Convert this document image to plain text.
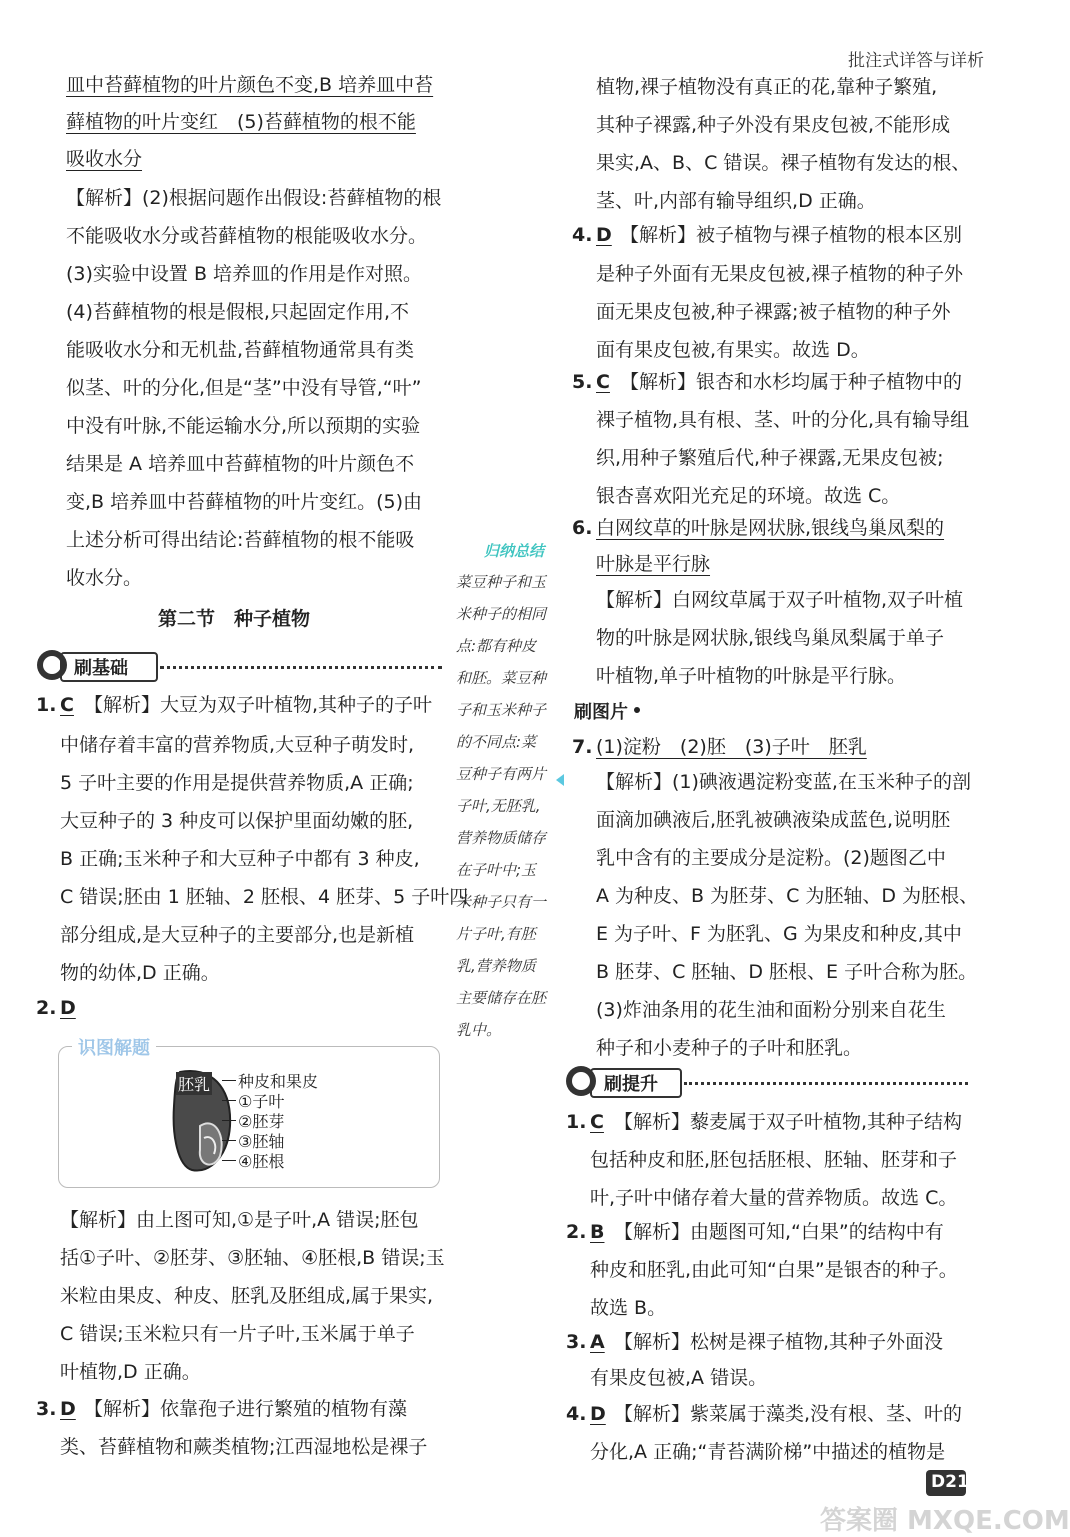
批注式详答与详析
皿中苔藓植物的叶片颜色不变,B 培养皿中苔
藓植物的叶片变红　(5)苔藓植物的根不能
吸收水分
【解析】(2)根据问题作出假设:苔藓植物的根
不能吸收水分或苔藓植物的根能吸收水分。
(3)实验中设置 B 培养皿的作用是作对照。
(4)苔藓植物的根是假根,只起固定作用,不
能吸收水分和无机盐,苔藓植物通常具有类
似茎、叶的分化,但是“茎”中没有导管,“叶”
中没有叶脉,不能运输水分,所以预期的实验
结果是 A 培养皿中苔藓植物的叶片颜色不
变,B 培养皿中苔藓植物的叶片变红。(5)由
上述分析可得出结论:苔藓植物的根不能吸
收水分。
第二节　种子植物
刷基础
1. C 【解析】大豆为双子叶植物,其种子的子叶
中储存着丰富的营养物质,大豆种子萌发时,
5 子叶主要的作用是提供营养物质,A 正确;
大豆种子的 3 种皮可以保护里面幼嫩的胚,
B 正确;玉米种子和大豆种子中都有 3 种皮,
C 错误;胚由 1 胚轴、2 胚根、4 胚芽、5 子叶四
部分组成,是大豆种子的主要部分,也是新植
物的幼体,D 正确。
2. D
识图解题
胚乳 种皮和果皮
①子叶
②胚芽
③胚轴
④胚根
【解析】由上图可知,①是子叶,A 错误;胚包
括①子叶、②胚芽、③胚轴、④胚根,B 错误;玉
米粒由果皮、种皮、胚乳及胚组成,属于果实,
C 错误;玉米粒只有一片子叶,玉米属于单子
叶植物,D 正确。
3. D 【解析】依靠孢子进行繁殖的植物有藻
类、苔藓植物和蕨类植物;江西湿地松是裸子
归纳总结
菜豆种子和玉
米种子的相同
点:都有种皮
和胚。菜豆种
子和玉米种子
的不同点:菜
豆种子有两片
子叶,无胚乳,
营养物质储存
在子叶中;玉
米种子只有一
片子叶,有胚
乳,营养物质
主要储存在胚
乳中。
植物,裸子植物没有真正的花,靠种子繁殖,
其种子裸露,种子外没有果皮包被,不能形成
果实,A、B、C 错误。裸子植物有发达的根、
茎、叶,内部有输导组织,D 正确。
4. D 【解析】被子植物与裸子植物的根本区别
是种子外面有无果皮包被,裸子植物的种子外
面无果皮包被,种子裸露;被子植物的种子外
面有果皮包被,有果实。故选 D。
5. C 【解析】银杏和水杉均属于种子植物中的
裸子植物,具有根、茎、叶的分化,具有输导组
织,用种子繁殖后代,种子裸露,无果皮包被;
银杏喜欢阳光充足的环境。故选 C。
6. 白网纹草的叶脉是网状脉,银线鸟巢凤梨的
叶脉是平行脉
【解析】白网纹草属于双子叶植物,双子叶植
物的叶脉是网状脉,银线鸟巢凤梨属于单子
叶植物,单子叶植物的叶脉是平行脉。
刷图片
7. (1)淀粉　(2)胚　(3)子叶　胚乳
【解析】(1)碘液遇淀粉变蓝,在玉米种子的剖
面滴加碘液后,胚乳被碘液染成蓝色,说明胚
乳中含有的主要成分是淀粉。(2)题图乙中
A 为种皮、B 为胚芽、C 为胚轴、D 为胚根、
E 为子叶、F 为胚乳、G 为果皮和种皮,其中
B 胚芽、C 胚轴、D 胚根、E 子叶合称为胚。
(3)炸油条用的花生油和面粉分别来自花生
种子和小麦种子的子叶和胚乳。
刷提升
1. C 【解析】藜麦属于双子叶植物,其种子结构
包括种皮和胚,胚包括胚根、胚轴、胚芽和子
叶,子叶中储存着大量的营养物质。故选 C。
2. B 【解析】由题图可知,“白果”的结构中有
种皮和胚乳,由此可知“白果”是银杏的种子。
故选 B。
3. A 【解析】松树是裸子植物,其种子外面没
有果皮包被,A 错误。
4. D 【解析】紫菜属于藻类,没有根、茎、叶的
分化,A 正确;“青苔满阶梯”中描述的植物是
D21
答案圈 MXQE.COM
